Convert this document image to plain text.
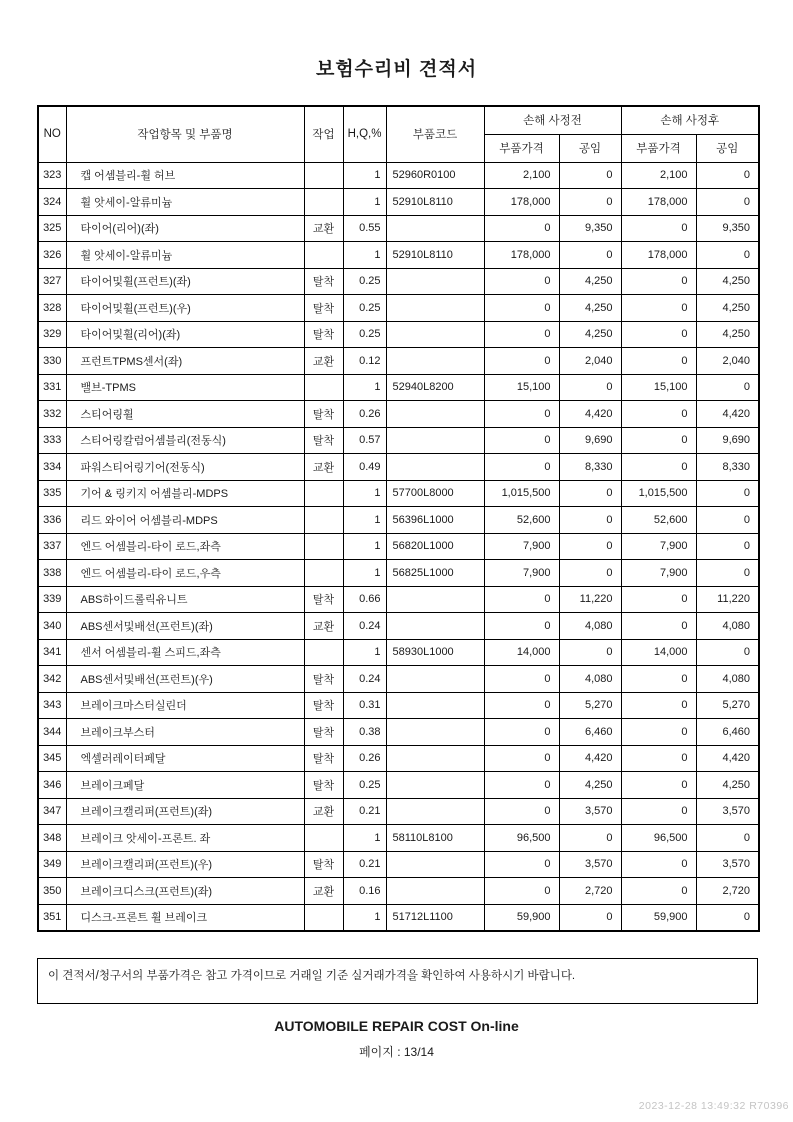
보험수리비 견적서
NO	작업항목 및 부품명	작업	H,Q,%	부품코드	손해 사정전		손해 사정후	
					부품가격	공임	부품가격	공임
323	캡 어셈블리-휠 허브		1	52960R0100	2,100	0	2,100	0
324	휠 앗세이-알류미늄		1	52910L8110	178,000	0	178,000	0
325	타이어(리어)(좌)	교환	0.55		0	9,350	0	9,350
326	휠 앗세이-알류미늄		1	52910L8110	178,000	0	178,000	0
327	타이어및휠(프런트)(좌)	탈착	0.25		0	4,250	0	4,250
328	타이어및휠(프런트)(우)	탈착	0.25		0	4,250	0	4,250
329	타이어및휠(리어)(좌)	탈착	0.25		0	4,250	0	4,250
330	프런트TPMS센서(좌)	교환	0.12		0	2,040	0	2,040
331	밸브-TPMS		1	52940L8200	15,100	0	15,100	0
332	스티어링휠	탈착	0.26		0	4,420	0	4,420
333	스티어링칼럼어셈블리(전동식)	탈착	0.57		0	9,690	0	9,690
334	파워스티어링기어(전동식)	교환	0.49		0	8,330	0	8,330
335	기어 & 링키지 어셈블리-MDPS		1	57700L8000	1,015,500	0	1,015,500	0
336	리드 와이어 어셈블리-MDPS		1	56396L1000	52,600	0	52,600	0
337	엔드 어셈블리-타이 로드,좌측		1	56820L1000	7,900	0	7,900	0
338	엔드 어셈블리-타이 로드,우측		1	56825L1000	7,900	0	7,900	0
339	ABS하이드롤릭유니트	탈착	0.66		0	11,220	0	11,220
340	ABS센서및배선(프런트)(좌)	교환	0.24		0	4,080	0	4,080
341	센서 어셈블리-휠 스피드,좌측		1	58930L1000	14,000	0	14,000	0
342	ABS센서및배선(프런트)(우)	탈착	0.24		0	4,080	0	4,080
343	브레이크마스터실린더	탈착	0.31		0	5,270	0	5,270
344	브레이크부스터	탈착	0.38		0	6,460	0	6,460
345	엑셀러레이터페달	탈착	0.26		0	4,420	0	4,420
346	브레이크페달	탈착	0.25		0	4,250	0	4,250
347	브레이크캘리퍼(프런트)(좌)	교환	0.21		0	3,570	0	3,570
348	브레이크 앗세이-프론트. 좌		1	58110L8100	96,500	0	96,500	0
349	브레이크캘리퍼(프런트)(우)	탈착	0.21		0	3,570	0	3,570
350	브레이크디스크(프런트)(좌)	교환	0.16		0	2,720	0	2,720
351	디스크-프론트 휠 브레이크		1	51712L1100	59,900	0	59,900	0
이 견적서/청구서의 부품가격은 참고 가격이므로 거래일 기준 실거래가격을 확인하여 사용하시기 바랍니다.
AUTOMOBILE REPAIR COST On-line
페이지 : 13/14
2023-12-28 13:49:32 R70396
